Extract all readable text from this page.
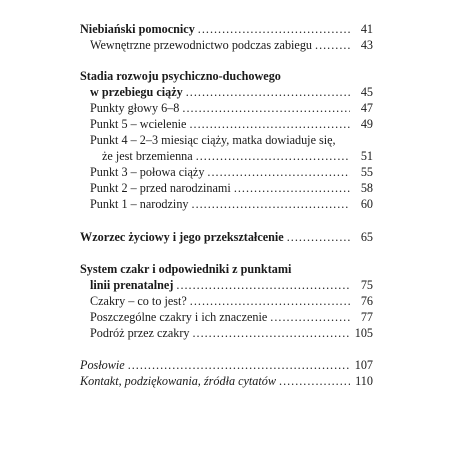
Niebiański pomocnicy .....	41
Wewnętrzne przewodnictwo podczas zabiegu .....	43
Stadia rozwoju psychiczno-duchowego
w przebiegu ciąży .....	45
Punkty głowy 6–8 .....	47
Punkt 5 – wcielenie .....	49
Punkt 4 – 2–3 miesiąc ciąży, matka dowiaduje się,
że jest brzemienna .....	51
Punkt 3 – połowa ciąży .....	55
Punkt 2 – przed narodzinami .....	58
Punkt 1 – narodziny .....	60
Wzorzec życiowy i jego przekształcenie .....	65
System czakr i odpowiedniki z punktami
linii prenatalnej .....	75
Czakry – co to jest? .....	76
Poszczególne czakry i ich znaczenie .....	77
Podróż przez czakry .....	105
Posłowie .....	107
Kontakt, podziękowania, źródła cytatów .....	110
